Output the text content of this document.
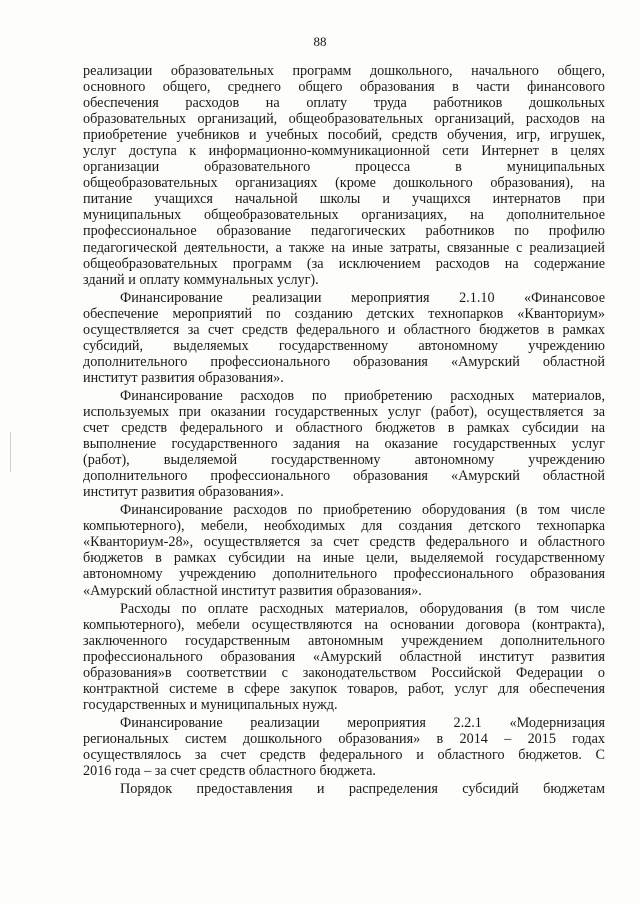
88
реализации образовательных программ дошкольного, начального общего,
основного общего, среднего общего образования в части финансового
обеспечения расходов на оплату труда работников дошкольных
образовательных организаций, общеобразовательных организаций, расходов на
приобретение учебников и учебных пособий, средств обучения, игр, игрушек,
услуг доступа к информационно-коммуникационной сети Интернет в целях
организации образовательного процесса в муниципальных
общеобразовательных организациях (кроме дошкольного образования), на
питание учащихся начальной школы и учащихся интернатов при
муниципальных общеобразовательных организациях, на дополнительное
профессиональное образование педагогических работников по профилю
педагогической деятельности, а также на иные затраты, связанные с реализацией
общеобразовательных программ (за исключением расходов на содержание
зданий и оплату коммунальных услуг).
Финансирование реализации мероприятия 2.1.10 «Финансовое
обеспечение мероприятий по созданию детских технопарков «Кванториум»
осуществляется за счет средств федерального и областного бюджетов в рамках
субсидий, выделяемых государственному автономному учреждению
дополнительного профессионального образования «Амурский областной
институт развития образования».
Финансирование расходов по приобретению расходных материалов,
используемых при оказании государственных услуг (работ), осуществляется за
счет средств федерального и областного бюджетов в рамках субсидии на
выполнение государственного задания на оказание государственных услуг
(работ), выделяемой государственному автономному учреждению
дополнительного профессионального образования «Амурский областной
институт развития образования».
Финансирование расходов по приобретению оборудования (в том числе
компьютерного), мебели, необходимых для создания детского технопарка
«Кванториум-28», осуществляется за счет средств федерального и областного
бюджетов в рамках субсидии на иные цели, выделяемой государственному
автономному учреждению дополнительного профессионального образования
«Амурский областной институт развития образования».
Расходы по оплате расходных материалов, оборудования (в том числе
компьютерного), мебели осуществляются на основании договора (контракта),
заключенного государственным автономным учреждением дополнительного
профессионального образования «Амурский областной институт развития
образования»в соответствии с законодательством Российской Федерации о
контрактной системе в сфере закупок товаров, работ, услуг для обеспечения
государственных и муниципальных нужд.
Финансирование реализации мероприятия 2.2.1 «Модернизация
региональных систем дошкольного образования» в 2014 – 2015 годах
осуществлялось за счет средств федерального и областного бюджетов. С
2016 года – за счет средств областного бюджета.
Порядок предоставления и распределения субсидий бюджетам
